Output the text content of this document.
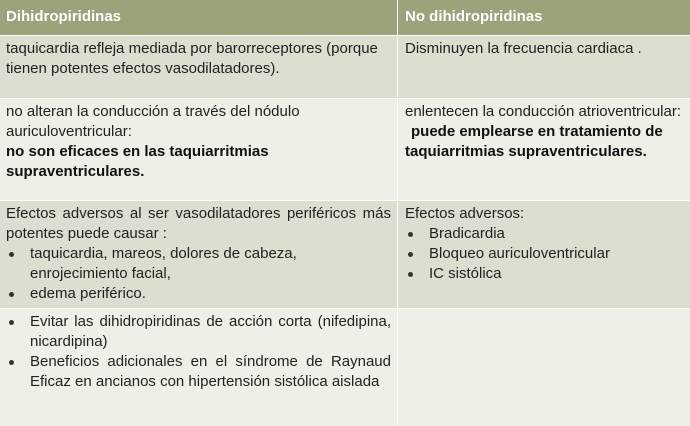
Dihidropiridinas	No dihidropiridinas
taquicardia refleja mediada por barorreceptores (porque tienen potentes efectos vasodilatadores).
Disminuyen la frecuencia cardiaca .
no alteran la conducción a través del nódulo auriculoventricular:
no son eficaces en las taquiarritmias supraventriculares.
enlentecen la conducción atrioventricular: puede emplearse en tratamiento de taquiarritmias supraventriculares.
Efectos adversos al ser vasodilatadores periféricos más potentes puede causar :
taquicardia, mareos, dolores de cabeza, enrojecimiento facial,
edema periférico.
Efectos adversos:
Bradicardia
Bloqueo auriculoventricular
IC sistólica
Evitar las dihidropiridinas de acción corta (nifedipina, nicardipina)
Beneficios adicionales en el síndrome de Raynaud Eficaz en ancianos con hipertensión sistólica aislada
